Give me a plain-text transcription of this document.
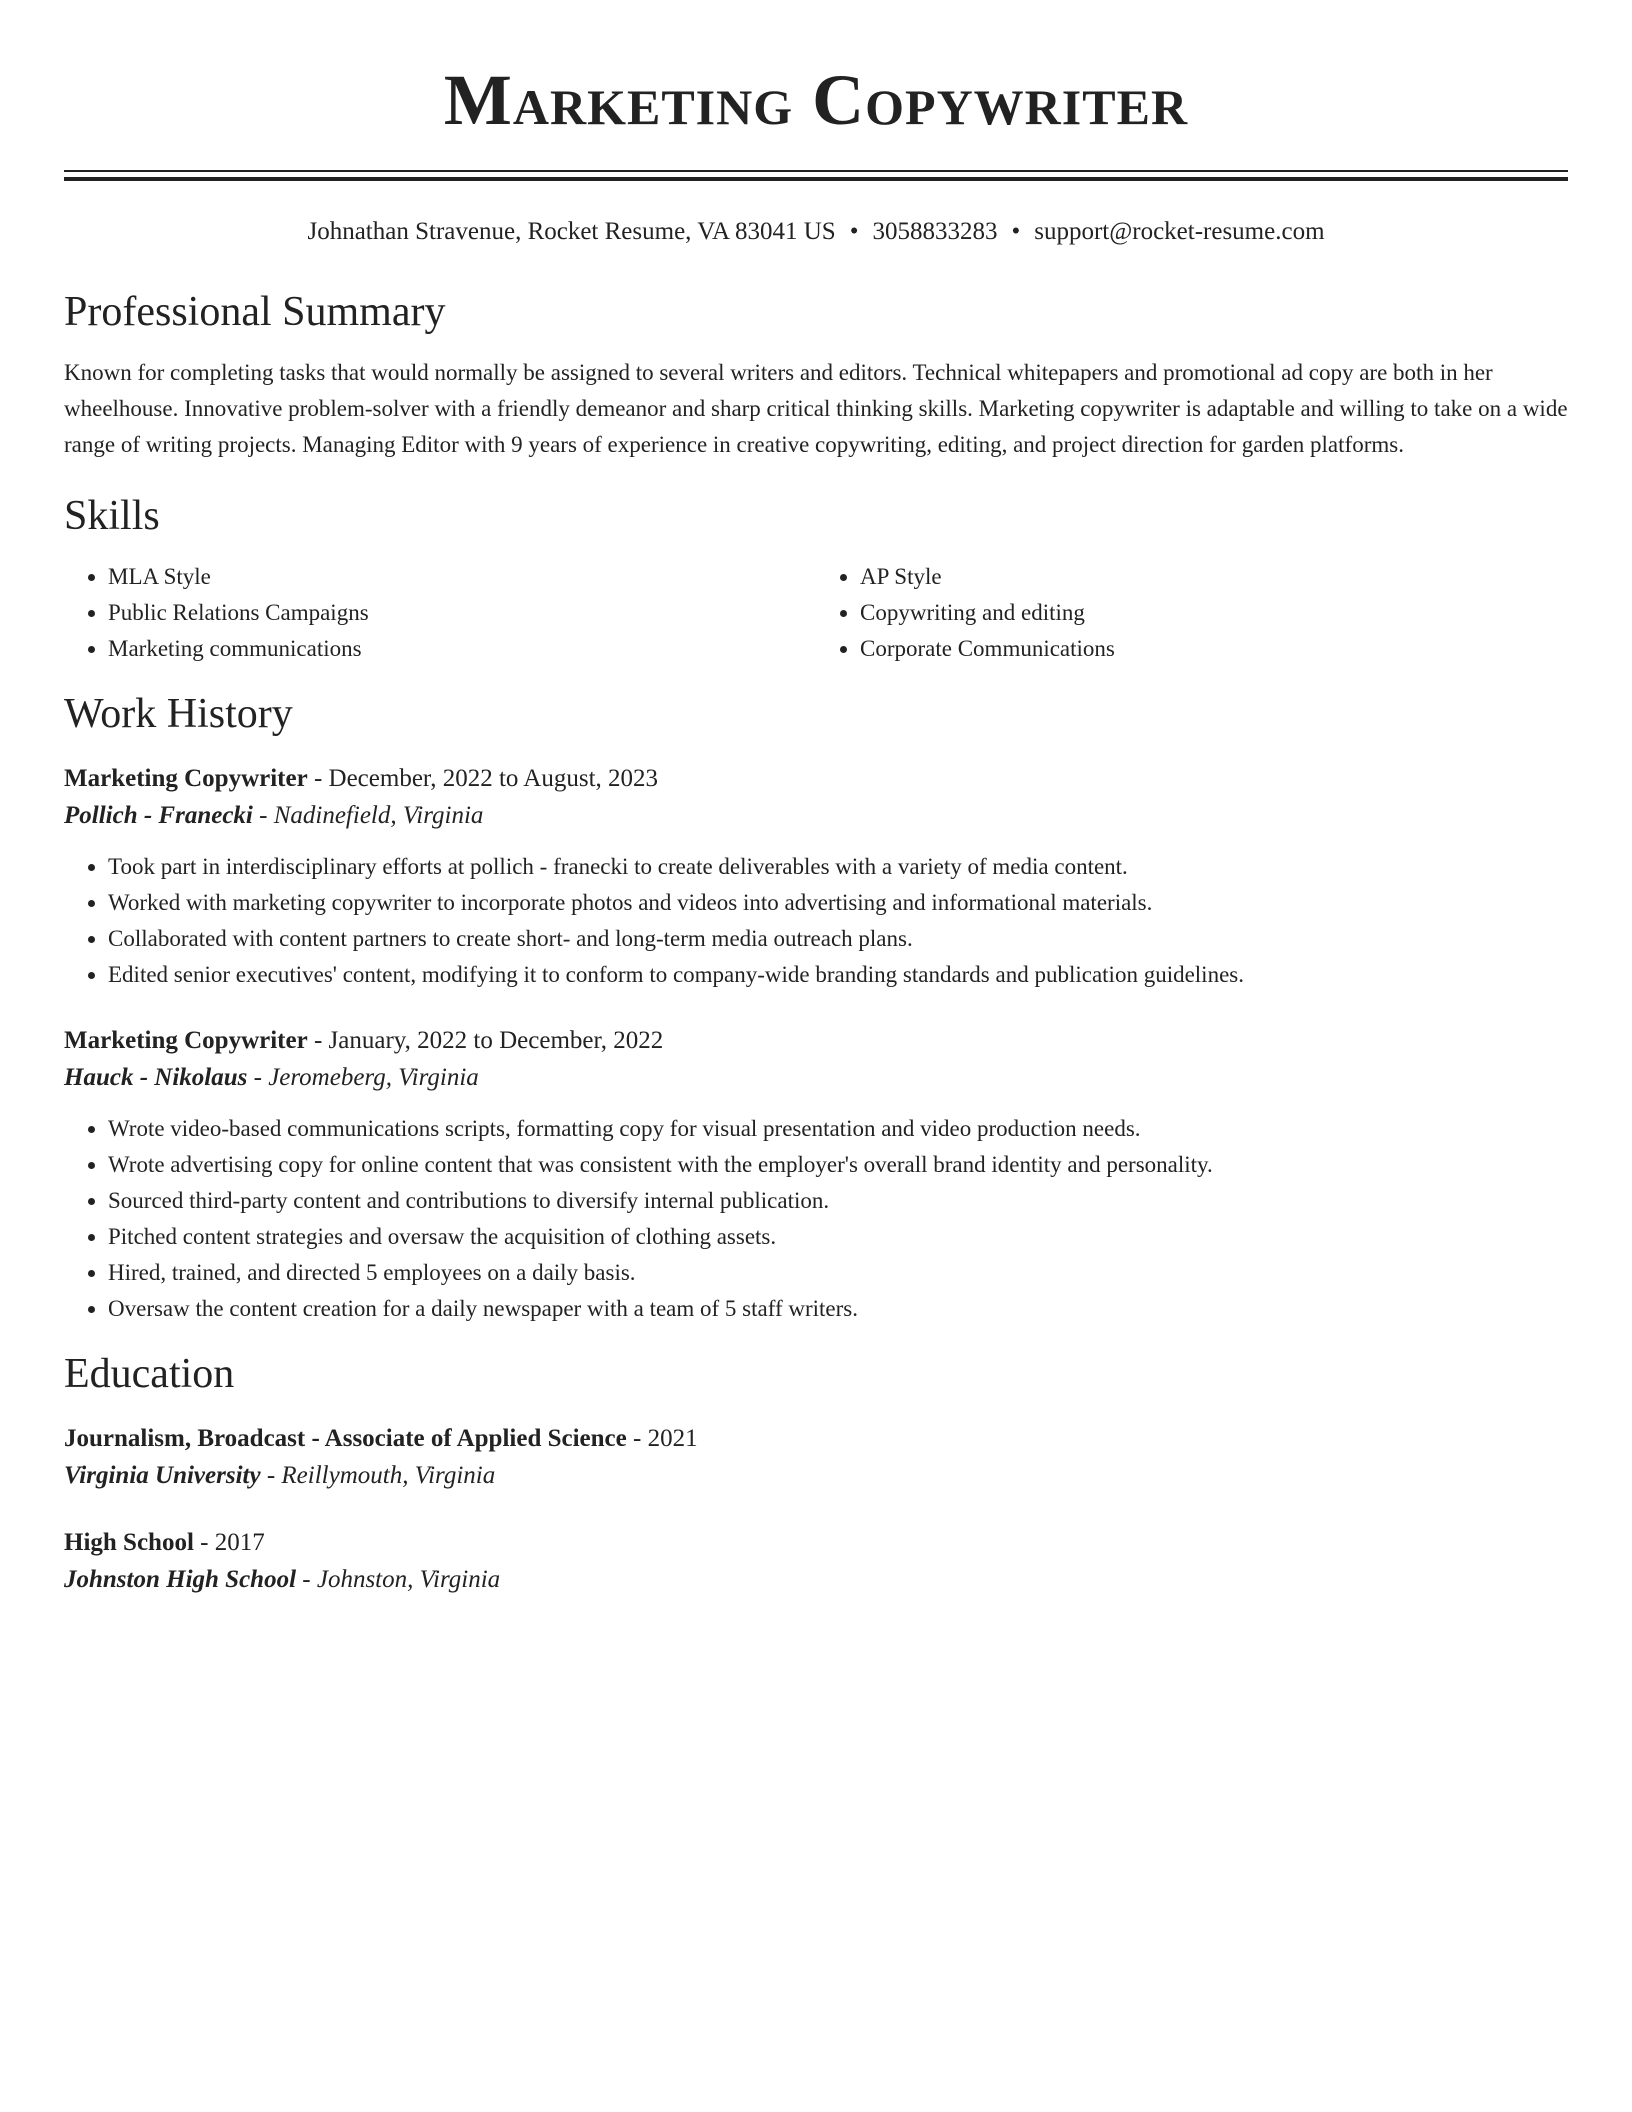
Marketing Copywriter
Johnathan Stravenue, Rocket Resume, VA 83041 US • 3058833283 • support@rocket-resume.com
Professional Summary
Known for completing tasks that would normally be assigned to several writers and editors. Technical whitepapers and promotional ad copy are both in her wheelhouse. Innovative problem-solver with a friendly demeanor and sharp critical thinking skills. Marketing copywriter is adaptable and willing to take on a wide range of writing projects. Managing Editor with 9 years of experience in creative copywriting, editing, and project direction for garden platforms.
Skills
• MLA Style
• Public Relations Campaigns
• Marketing communications
• AP Style
• Copywriting and editing
• Corporate Communications
Work History
Marketing Copywriter - December, 2022 to August, 2023
Pollich - Franecki - Nadinefield, Virginia
• Took part in interdisciplinary efforts at pollich - franecki to create deliverables with a variety of media content.
• Worked with marketing copywriter to incorporate photos and videos into advertising and informational materials.
• Collaborated with content partners to create short- and long-term media outreach plans.
• Edited senior executives' content, modifying it to conform to company-wide branding standards and publication guidelines.
Marketing Copywriter - January, 2022 to December, 2022
Hauck - Nikolaus - Jeromeberg, Virginia
• Wrote video-based communications scripts, formatting copy for visual presentation and video production needs.
• Wrote advertising copy for online content that was consistent with the employer's overall brand identity and personality.
• Sourced third-party content and contributions to diversify internal publication.
• Pitched content strategies and oversaw the acquisition of clothing assets.
• Hired, trained, and directed 5 employees on a daily basis.
• Oversaw the content creation for a daily newspaper with a team of 5 staff writers.
Education
Journalism, Broadcast - Associate of Applied Science - 2021
Virginia University - Reillymouth, Virginia
High School - 2017
Johnston High School - Johnston, Virginia
